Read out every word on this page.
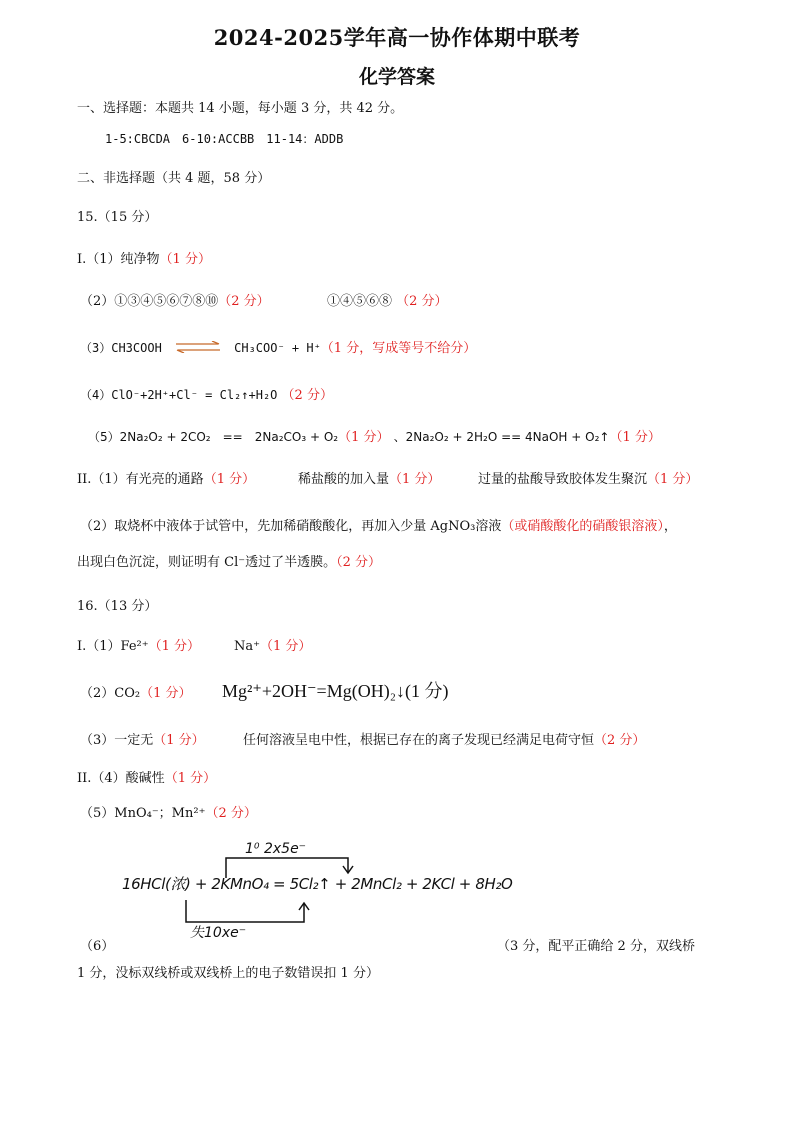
2024-2025学年高一协作体期中联考
化学答案
一、选择题：本题共 14 小题，每小题 3 分，共 42 分。
1-5:CBCDA　6-10:ACCBB　11-14：ADDB
二、非选择题（共 4 题，58 分）
15.（15 分）
I.（1）纯净物（1 分）
（2）①③④⑤⑥⑦⑧⑩（2 分）	①④⑤⑥⑧ （2 分）
（3）CH3COOH ⇌ CH₃COO⁻ + H⁺（1 分，写成等号不给分）
（4）ClO⁻+2H⁺+Cl⁻ = Cl₂↑+H₂O （2 分）
（5）2Na₂O₂ + 2CO₂　==　2Na₂CO₃ + O₂（1 分） 、2Na₂O₂ + 2H₂O == 4NaOH + O₂↑（1 分）
II.（1）有光亮的通路（1 分）	稀盐酸的加入量（1 分）	过量的盐酸导致胶体发生聚沉（1 分）
（2）取烧杯中液体于试管中，先加稀硝酸酸化，再加入少量 AgNO₃溶液（或硝酸酸化的硝酸银溶液），
出现白色沉淀，则证明有 Cl⁻透过了半透膜。（2 分）
16.（13 分）
I.（1）Fe²⁺（1 分）	Na⁺（1 分）
（2）CO₂（1 分） Mg²⁺+2OH⁻=Mg(OH)₂↓(1 分)
（3）一定无（1 分）	任何溶液呈电中性，根据已存在的离子发现已经满足电荷守恒（2 分）
II.（4）酸碱性（1 分）
（5）MnO₄⁻；Mn²⁺（2 分）
1⁰ 2x5e⁻
16HCl(浓) + 2KMnO₄ = 5Cl₂↑ + 2MnCl₂ + 2KCl + 8H₂O
失10xe⁻
（6）	（3 分，配平正确给 2 分，双线桥
1 分，没标双线桥或双线桥上的电子数错误扣 1 分）
